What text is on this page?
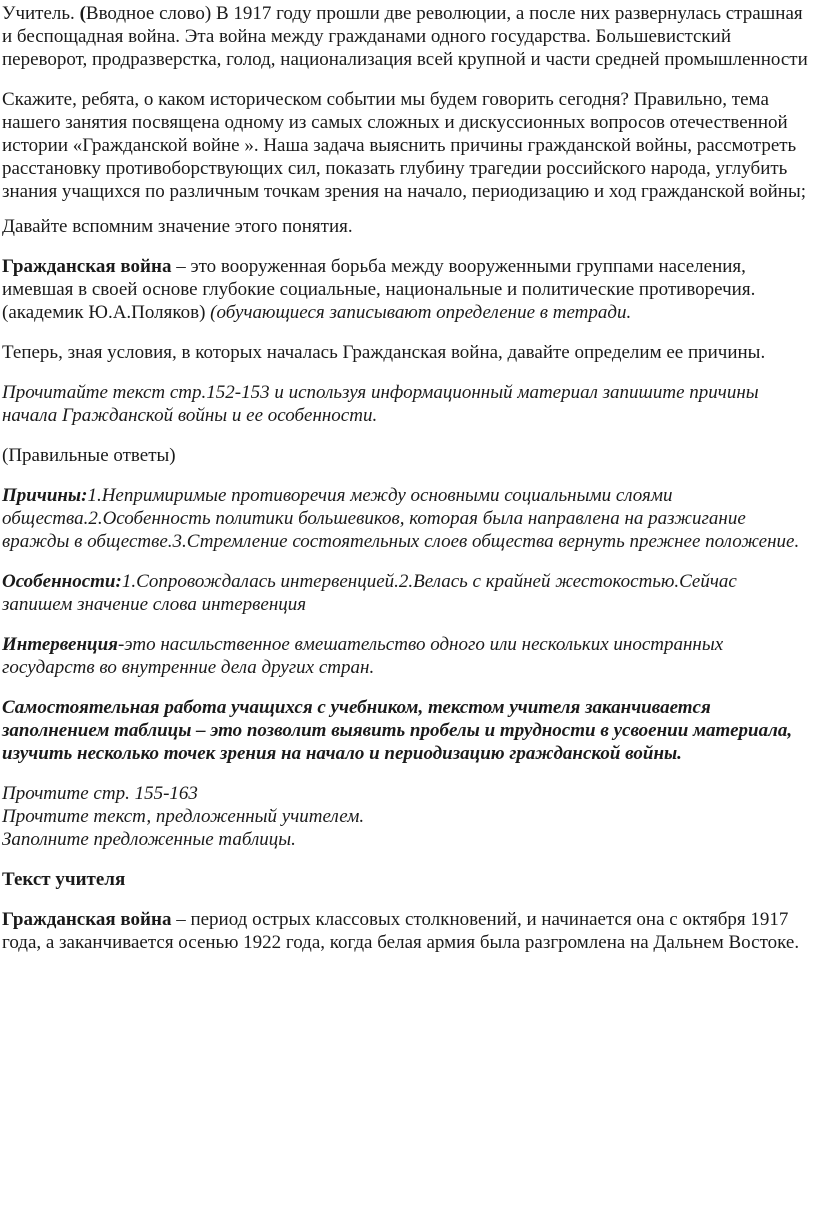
Учитель. (Вводное слово) В 1917 году прошли две революции, а после них развернулась страшная и беспощадная война. Эта война между гражданами одного государства. Большевистский переворот, продразверстка, голод, национализация всей крупной и части средней промышленности

Скажите, ребята, о каком историческом событии мы будем говорить сегодня? Правильно, тема нашего занятия посвящена одному из самых сложных и дискуссионных вопросов отечественной истории «Гражданской войне ». Наша задача выяснить причины гражданской войны, рассмотреть расстановку противоборствующих сил, показать глубину трагедии российского народа, углубить знания учащихся по различным точкам зрения на начало, периодизацию и ход гражданской войны;

Давайте вспомним значение этого понятия.

Гражданская война – это вооруженная борьба между вооруженными группами населения, имевшая в своей основе глубокие социальные, национальные и политические противоречия. (академик Ю.А.Поляков) (обучающиеся записывают определение в тетради.

Теперь, зная условия, в которых началась Гражданская война, давайте определим ее причины.

Прочитайте текст стр.152-153 и используя информационный материал запишите причины начала Гражданской войны и ее особенности.

(Правильные ответы)

Причины:1.Непримиримые противоречия между основными социальными слоями общества.2.Особенность политики большевиков, которая была направлена на разжигание вражды в обществе.3.Стремление состоятельных слоев общества вернуть прежнее положение.

Особенности:1.Сопровождалась интервенцией.2.Велась с крайней жестокостью.Сейчас запишем значение слова интервенция

Интервенция-это насильственное вмешательство одного или нескольких иностранных государств во внутренние дела других стран.

Самостоятельная работа учащихся с учебником, текстом учителя заканчивается заполнением таблицы – это позволит выявить пробелы и трудности в усвоении материала, изучить несколько точек зрения на начало и периодизацию гражданской войны.

Прочтите стр. 155-163
Прочтите текст, предложенный учителем.
Заполните предложенные таблицы.

Текст учителя

Гражданская война – период острых классовых столкновений, и начинается она с октября 1917 года, а заканчивается осенью 1922 года, когда белая армия была разгромлена на Дальнем Востоке.
